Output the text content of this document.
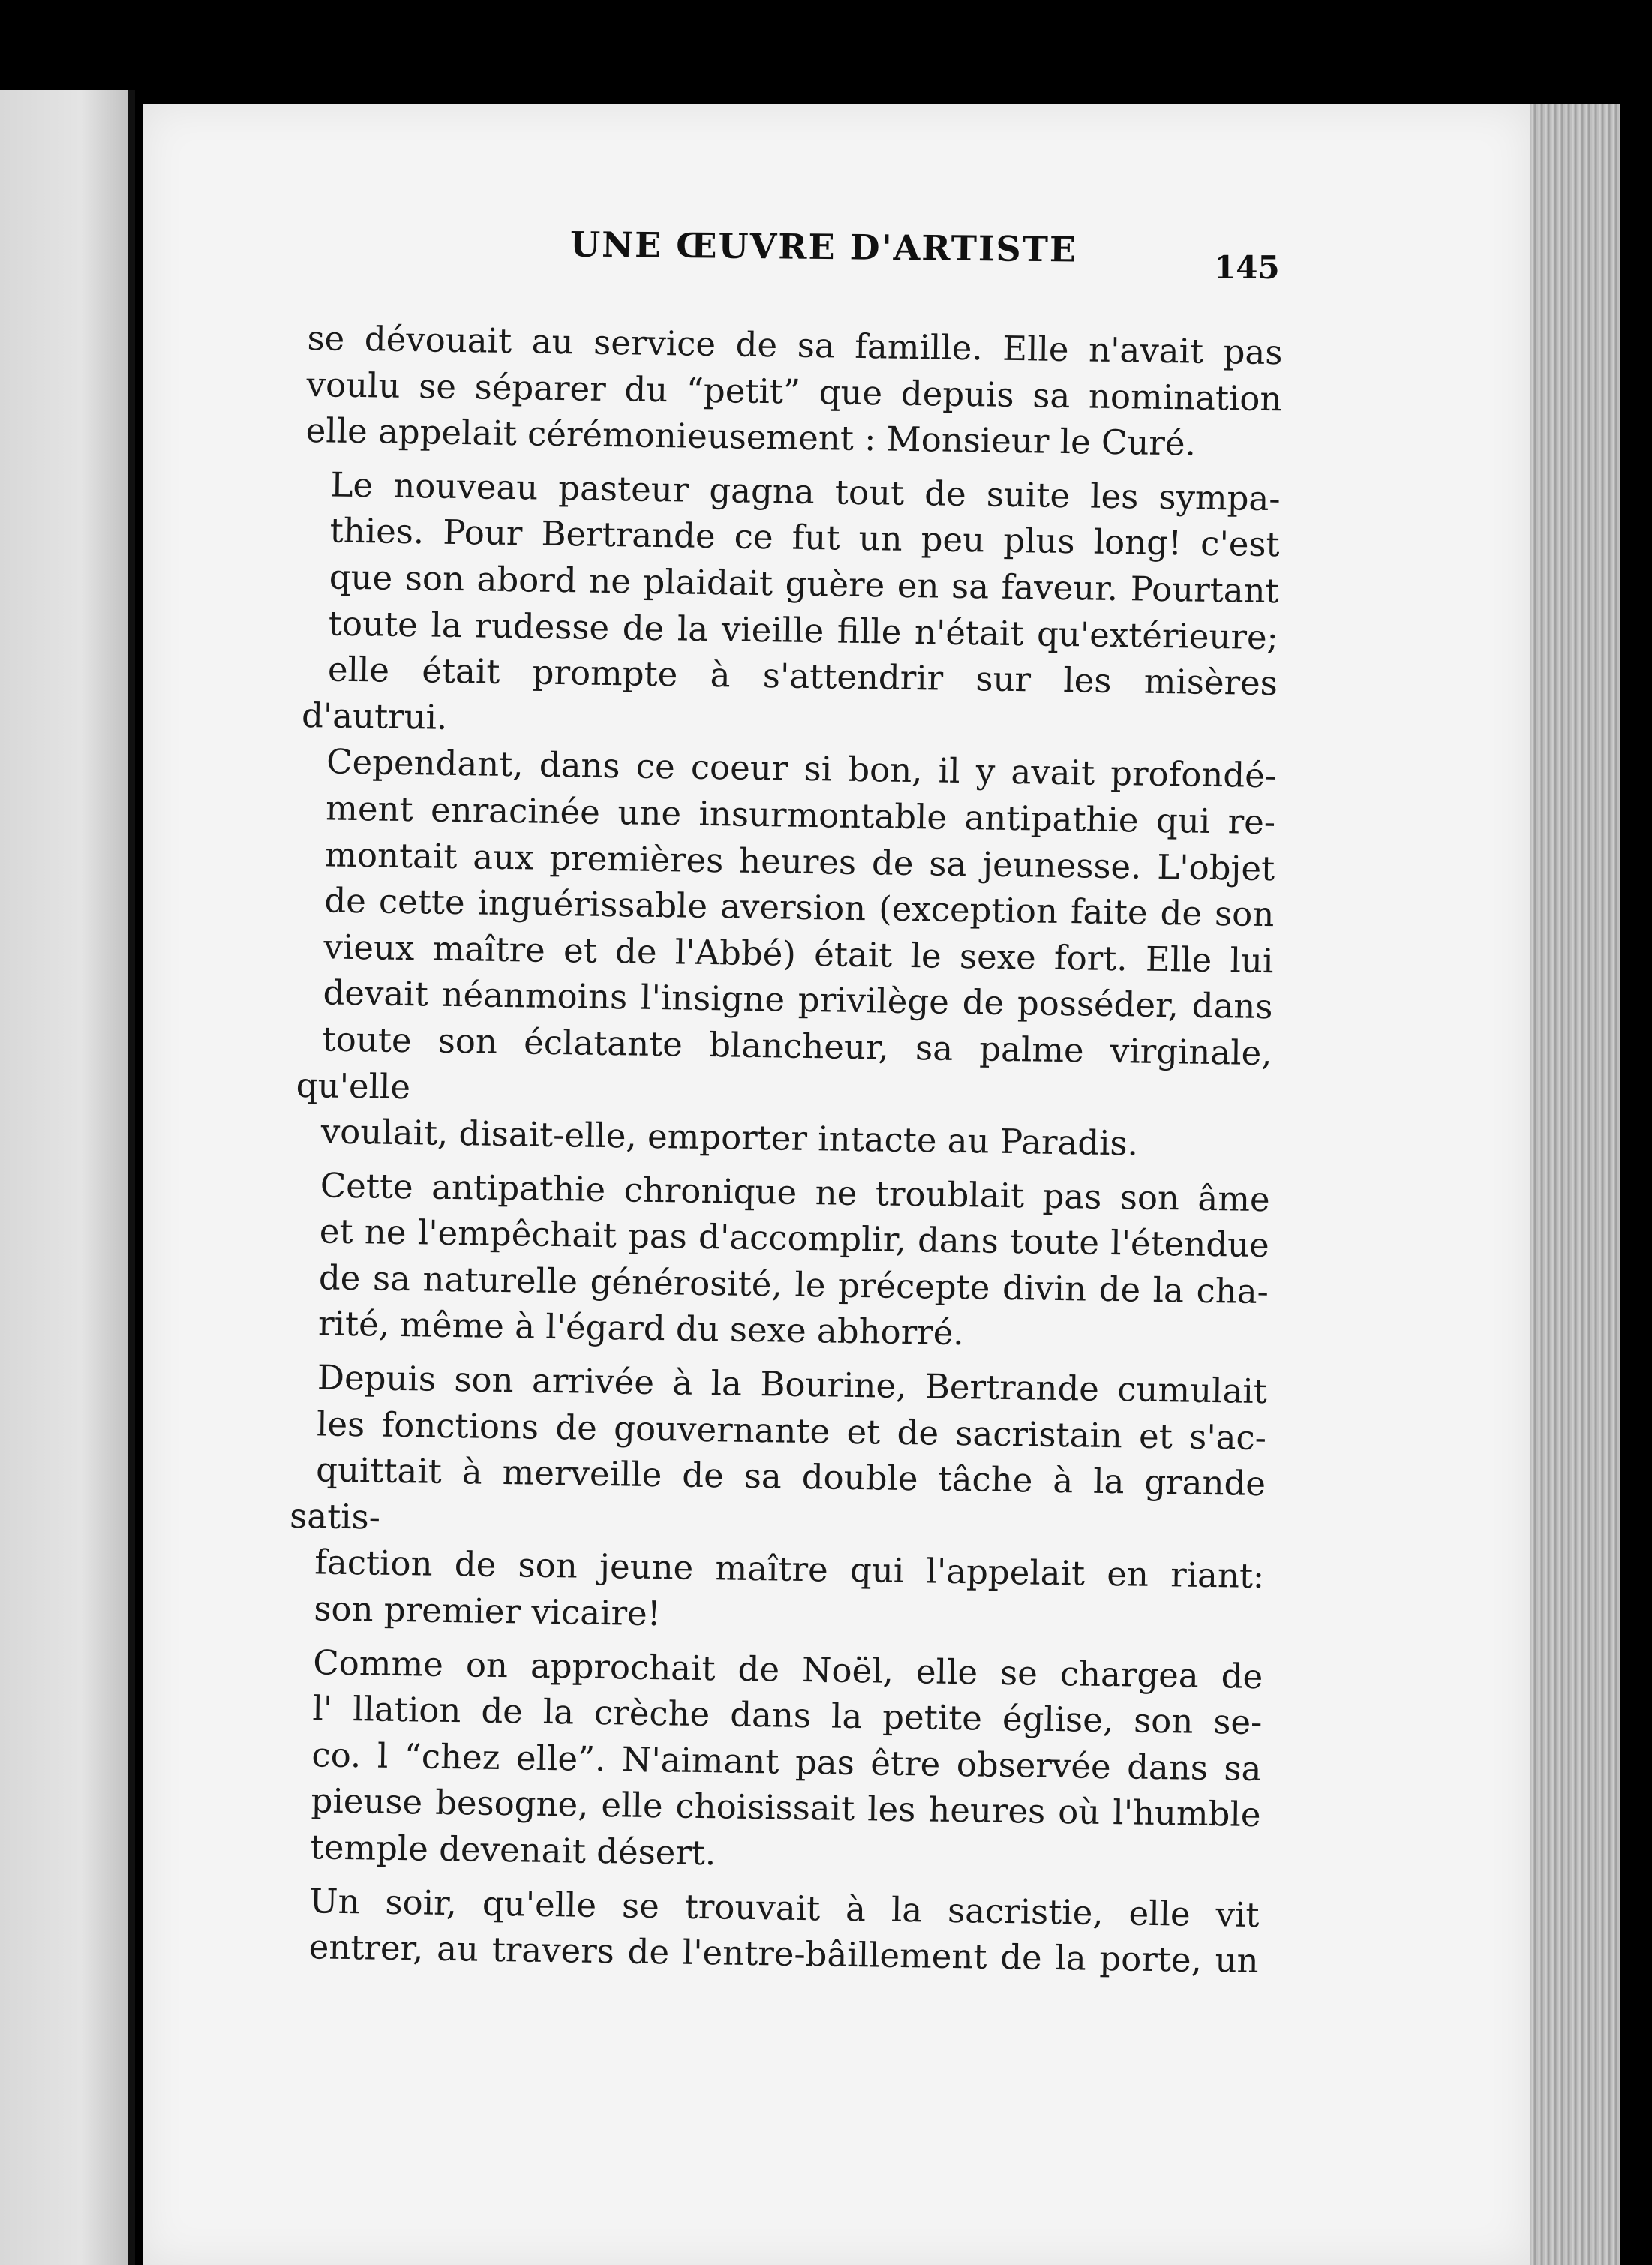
UNE ŒUVRE D'ARTISTE	145
se dévouait au service de sa famille. Elle n'avait pas
voulu se séparer du “petit” que depuis sa nomination
elle appelait cérémonieusement : Monsieur le Curé.
Le nouveau pasteur gagna tout de suite les sympa-
thies. Pour Bertrande ce fut un peu plus long! c'est
que son abord ne plaidait guère en sa faveur. Pourtant
toute la rudesse de la vieille fille n'était qu'extérieure;
elle était prompte à s'attendrir sur les misères d'autrui.
Cependant, dans ce coeur si bon, il y avait profondé-
ment enracinée une insurmontable antipathie qui re-
montait aux premières heures de sa jeunesse. L'objet
de cette inguérissable aversion (exception faite de son
vieux maître et de l'Abbé) était le sexe fort. Elle lui
devait néanmoins l'insigne privilège de posséder, dans
toute son éclatante blancheur, sa palme virginale, qu'elle
voulait, disait-elle, emporter intacte au Paradis.
Cette antipathie chronique ne troublait pas son âme
et ne l'empêchait pas d'accomplir, dans toute l'étendue
de sa naturelle générosité, le précepte divin de la cha-
rité, même à l'égard du sexe abhorré.
Depuis son arrivée à la Bourine, Bertrande cumulait
les fonctions de gouvernante et de sacristain et s'ac-
quittait à merveille de sa double tâche à la grande satis-
faction de son jeune maître qui l'appelait en riant:
son premier vicaire!
Comme on approchait de Noël, elle se chargea de
l' llation de la crèche dans la petite église, son se-
co. l “chez elle”. N'aimant pas être observée dans sa
pieuse besogne, elle choisissait les heures où l'humble
temple devenait désert.
Un soir, qu'elle se trouvait à la sacristie, elle vit
entrer, au travers de l'entre-bâillement de la porte, un
